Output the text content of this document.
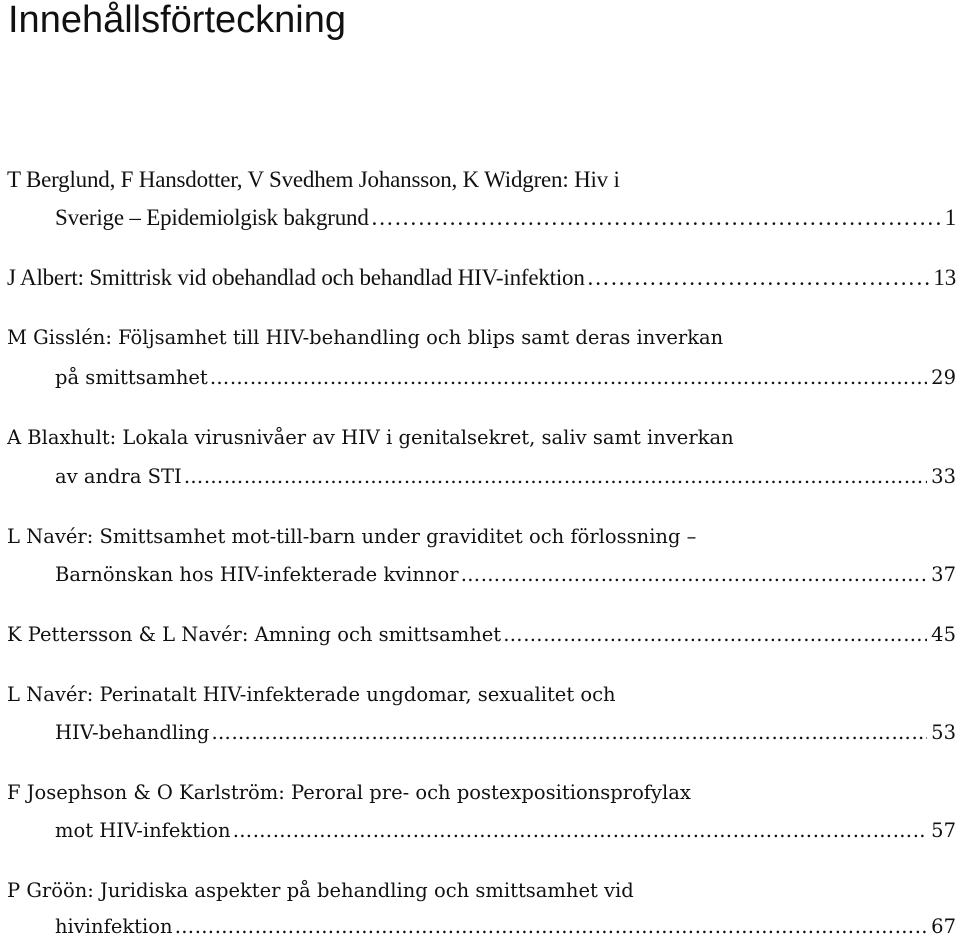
Innehållsförteckning
T Berglund, F Hansdotter, V Svedhem Johansson, K Widgren: Hiv i
Sverige – Epidemiolgisk bakgrund ……………………………………………………………………………………………………………………………………………………………………………………………………	1
J Albert: Smittrisk vid obehandlad och behandlad HIV-infektion ……………………………………………………………………………………………………………………………………………………………………………………………………	13
M Gisslén: Följsamhet till HIV-behandling och blips samt deras inverkan
på smittsamhet ……………………………………………………………………………………………………………………………………………………………………………………………………	29
A Blaxhult: Lokala virusnivåer av HIV i genitalsekret, saliv samt inverkan
av andra STI ……………………………………………………………………………………………………………………………………………………………………………………………………	33
L Navér: Smittsamhet mot-till-barn under graviditet och förlossning –
Barnönskan hos HIV-infekterade kvinnor ……………………………………………………………………………………………………………………………………………………………………………………………………	37
K Pettersson & L Navér: Amning och smittsamhet ……………………………………………………………………………………………………………………………………………………………………………………………………	45
L Navér: Perinatalt HIV-infekterade ungdomar, sexualitet och
HIV-behandling ……………………………………………………………………………………………………………………………………………………………………………………………………	53
F Josephson & O Karlström: Peroral pre- och postexpositionsprofylax
mot HIV-infektion ……………………………………………………………………………………………………………………………………………………………………………………………………	57
P Gröön: Juridiska aspekter på behandling och smittsamhet vid
hivinfektion ……………………………………………………………………………………………………………………………………………………………………………………………………	67
